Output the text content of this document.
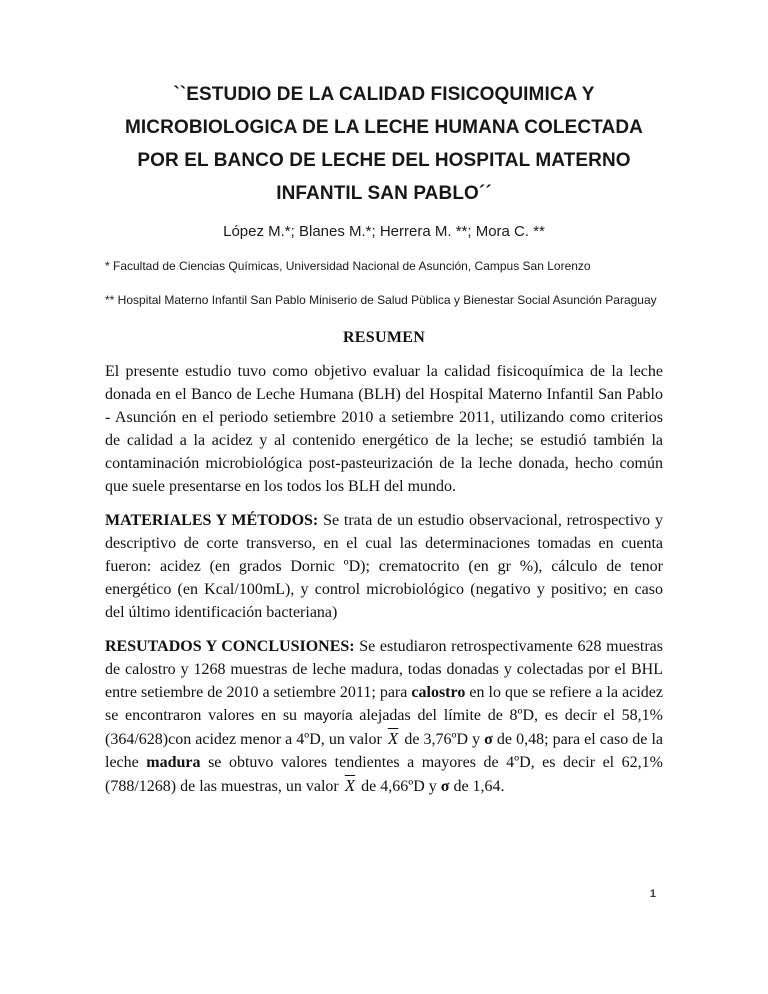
``ESTUDIO DE LA CALIDAD FISICOQUIMICA Y
MICROBIOLOGICA DE LA LECHE HUMANA COLECTADA
POR EL BANCO DE LECHE DEL HOSPITAL MATERNO
INFANTIL SAN PABLO´´
López M.*; Blanes M.*; Herrera M. **; Mora C. **
* Facultad de Ciencias Químicas, Universidad Nacional de Asunción, Campus San Lorenzo
** Hospital Materno Infantil San Pablo Miniserio de Salud Pùblica y Bienestar Social Asunción Paraguay
RESUMEN

El presente estudio tuvo como objetivo evaluar la calidad fisicoquímica de la leche donada en el Banco de Leche Humana (BLH) del Hospital Materno Infantil San Pablo - Asunción en el periodo setiembre 2010 a setiembre 2011, utilizando como criterios de calidad a la acidez y al contenido energético de la leche; se estudió también la contaminación microbiológica post-pasteurización de la leche donada, hecho común que suele presentarse en los todos los BLH del mundo.

MATERIALES Y MÉTODOS: Se trata de un estudio observacional, retrospectivo y descriptivo de corte transverso, en el cual las determinaciones tomadas en cuenta fueron: acidez (en grados Dornic ºD); crematocrito (en gr %), cálculo de tenor energético (en Kcal/100mL), y control microbiológico (negativo y positivo; en caso del último identificación bacteriana)

RESUTADOS Y CONCLUSIONES: Se estudiaron retrospectivamente 628 muestras de calostro y 1268 muestras de leche madura, todas donadas y colectadas por el BHL entre setiembre de 2010 a setiembre 2011; para calostro en lo que se refiere a la acidez se encontraron valores en su mayoría alejadas del límite de 8ºD, es decir el 58,1%(364/628)con acidez menor a 4ºD, un valor $\overline{X}$ de 3,76ºD y σ de 0,48; para el caso de la leche madura se obtuvo valores tendientes a mayores de 4ºD, es decir el 62,1%(788/1268) de las muestras, un valor $\overline{X}$ de 4,66ºD y σ de 1,64.

1
